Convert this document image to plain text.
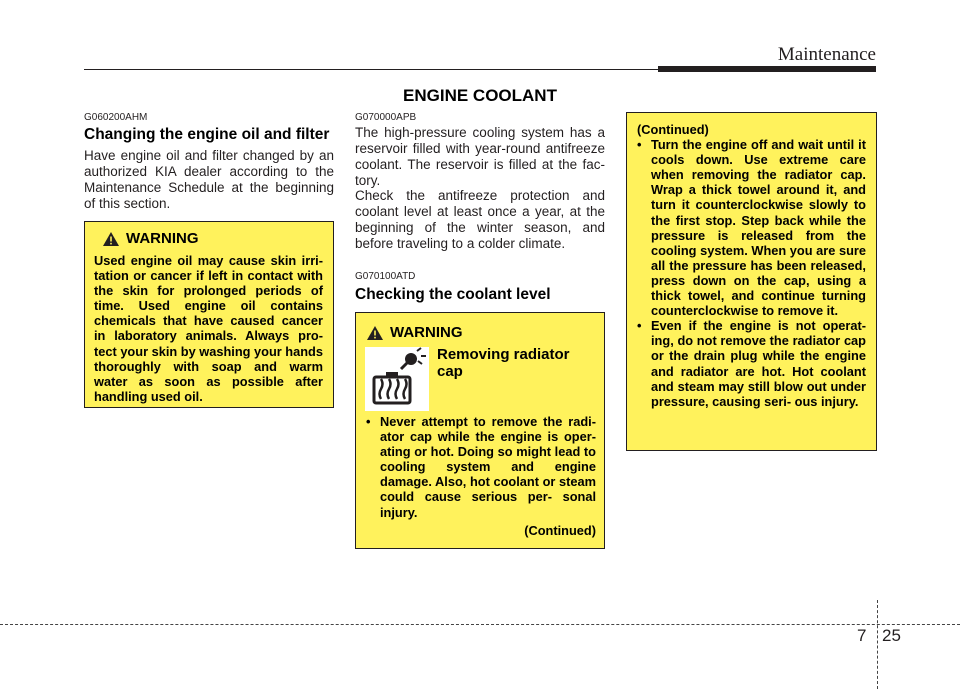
Maintenance
ENGINE COOLANT
G060200AHM
Changing the engine oil and filter
Have engine oil and filter changed by an authorized KIA dealer according to the Maintenance Schedule at the beginning of this section.
WARNING
Used engine oil may cause skin irri- tation or cancer if left in contact with the skin for prolonged periods of time. Used engine oil contains chemicals that have caused cancer in laboratory animals. Always pro- tect your skin by washing your hands thoroughly with soap and warm water as soon as possible after handling used oil.
G070000APB
The high-pressure cooling system has a reservoir filled with year-round antifreeze coolant. The reservoir is filled at the fac- tory.
Check the antifreeze protection and coolant level at least once a year, at the beginning of the winter season, and before traveling to a colder climate.
G070100ATD
Checking the coolant level
WARNING
Removing radiator cap
• Never attempt to remove the radi- ator cap while the engine is oper- ating or hot. Doing so might lead to cooling system and engine damage. Also, hot coolant or steam could cause serious per- sonal injury.
(Continued)
(Continued)
• Turn the engine off and wait until it cools down. Use extreme care when removing the radiator cap. Wrap a thick towel around it, and turn it counterclockwise slowly to the first stop. Step back while the pressure is released from the cooling system. When you are sure all the pressure has been released, press down on the cap, using a thick towel, and continue turning counterclockwise to remove it.
• Even if the engine is not operat- ing, do not remove the radiator cap or the drain plug while the engine and radiator are hot. Hot coolant and steam may still blow out under pressure, causing seri- ous injury.
7 25
